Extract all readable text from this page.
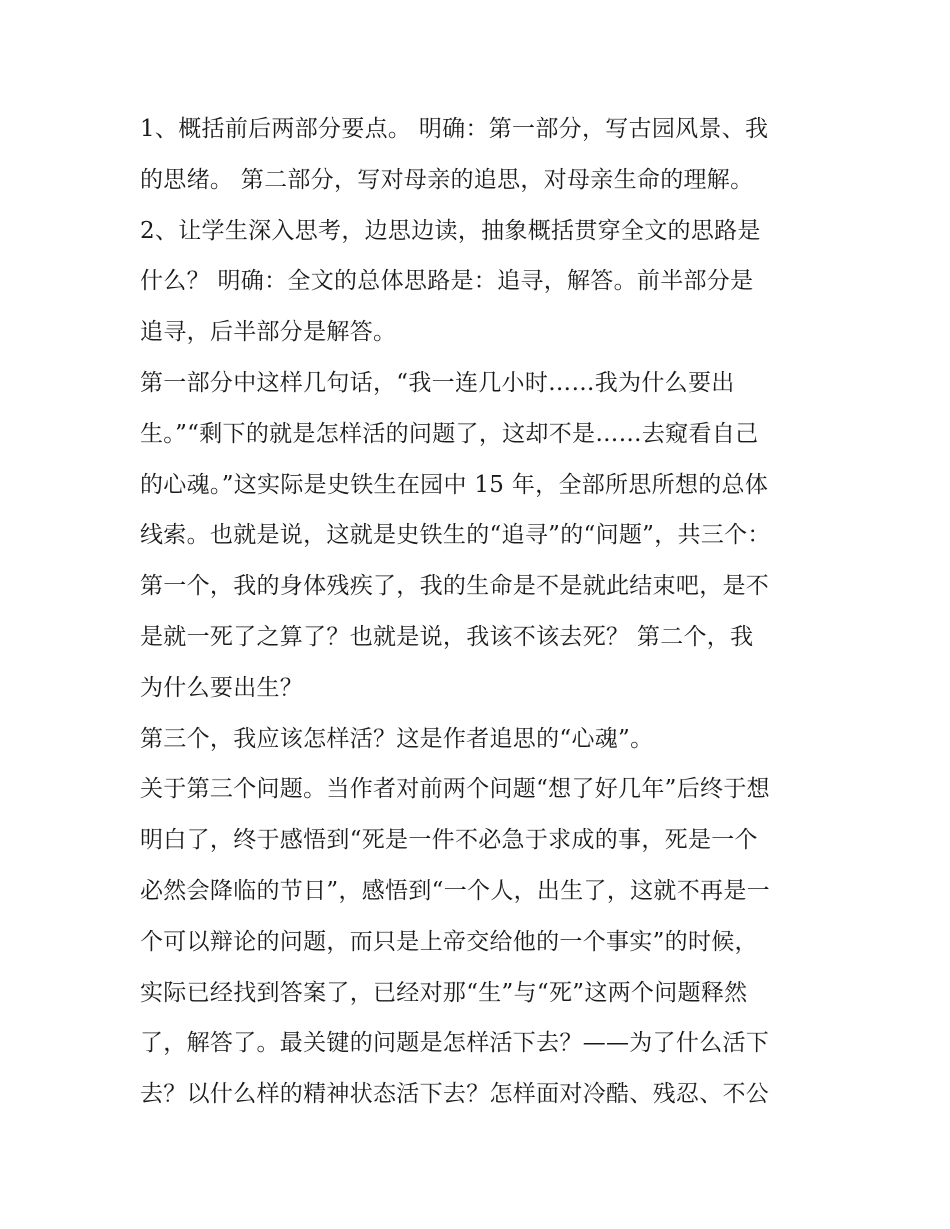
1、概括前后两部分要点。 明确：第一部分，写古园风景、我
的思绪。 第二部分，写对母亲的追思，对母亲生命的理解。
2、让学生深入思考，边思边读，抽象概括贯穿全文的思路是
什么？ 明确：全文的总体思路是：追寻，解答。前半部分是
追寻，后半部分是解答。
第一部分中这样几句话，“我一连几小时……我为什么要出
生。”“剩下的就是怎样活的问题了，这却不是……去窥看自己
的心魂。”这实际是史铁生在园中 15 年，全部所思所想的总体
线索。也就是说，这就是史铁生的“追寻”的“问题”，共三个：
第一个，我的身体残疾了，我的生命是不是就此结束吧，是不
是就一死了之算了？也就是说，我该不该去死？ 第二个，我
为什么要出生？
第三个，我应该怎样活？这是作者追思的“心魂”。
关于第三个问题。当作者对前两个问题“想了好几年”后终于想
明白了，终于感悟到“死是一件不必急于求成的事，死是一个
必然会降临的节日”，感悟到“一个人，出生了，这就不再是一
个可以辩论的问题，而只是上帝交给他的一个事实”的时候，
实际已经找到答案了，已经对那“生”与“死”这两个问题释然
了，解答了。最关键的问题是怎样活下去？——为了什么活下
去？以什么样的精神状态活下去？怎样面对冷酷、残忍、不公
